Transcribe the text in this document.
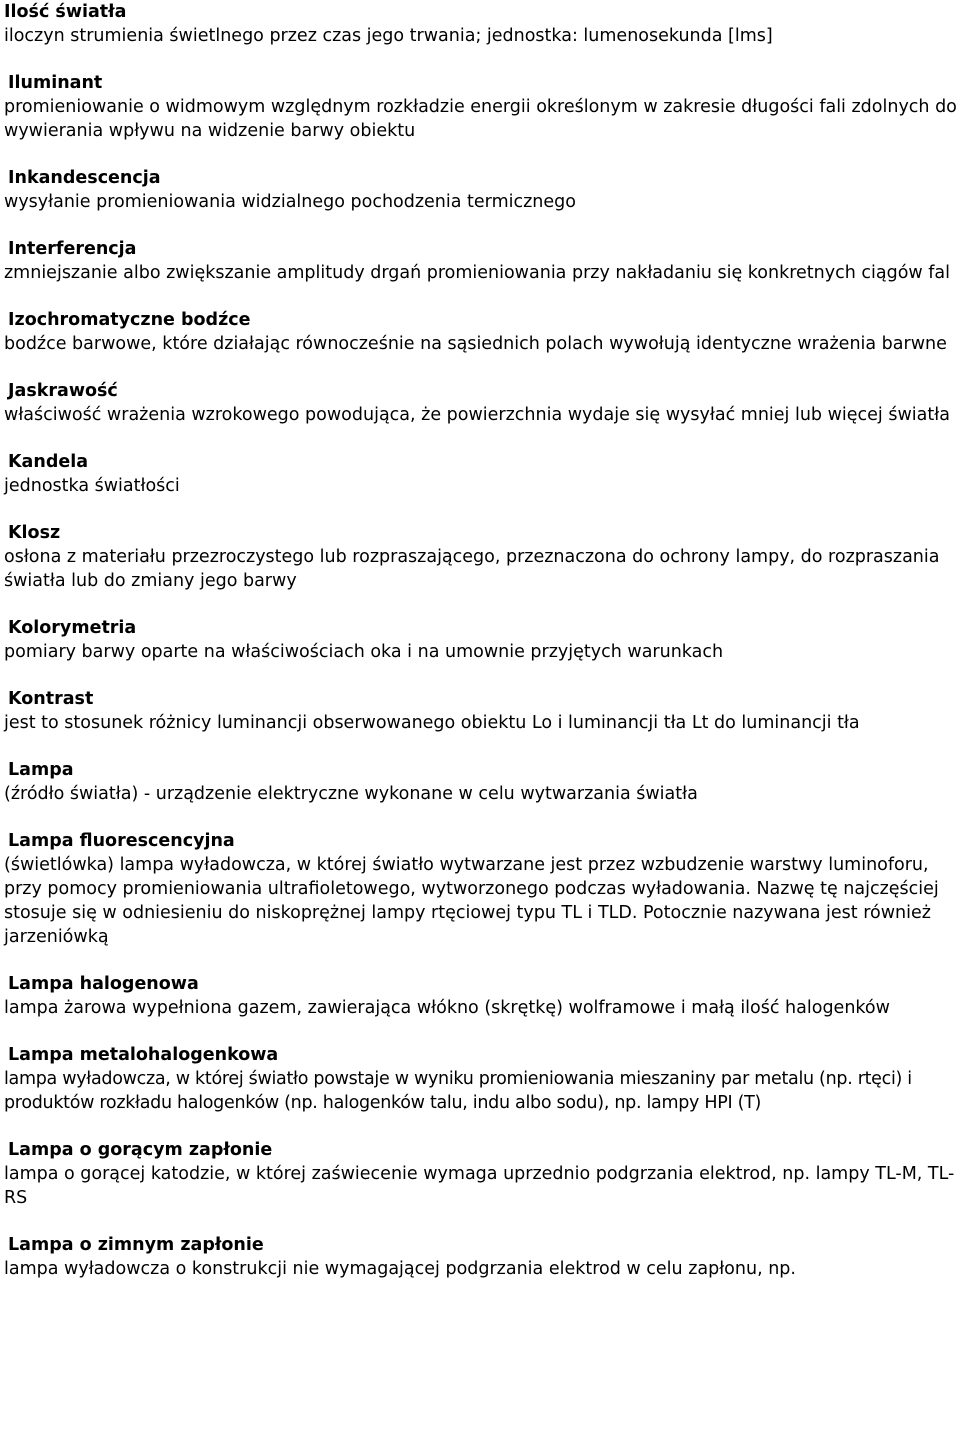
Ilość światła

iloczyn strumienia świetlnego przez czas jego trwania; jednostka: lumenosekunda [lms]

Iluminant

promieniowanie o widmowym względnym rozkładzie energii określonym w zakresie długości fali zdolnych do wywierania wpływu na widzenie barwy obiektu

Inkandescencja

wysyłanie promieniowania widzialnego pochodzenia termicznego

Interferencja

zmniejszanie albo zwiększanie amplitudy drgań promieniowania przy nakładaniu się konkretnych ciągów fal

Izochromatyczne bodźce

bodźce barwowe, które działając równocześnie na sąsiednich polach wywołują identyczne wrażenia barwne

Jaskrawość

właściwość wrażenia wzrokowego powodująca, że powierzchnia wydaje się wysyłać mniej lub więcej światła

Kandela

jednostka światłości

Klosz

osłona z materiału przezroczystego lub rozpraszającego, przeznaczona do ochrony lampy, do rozpraszania światła lub do zmiany jego barwy

Kolorymetria

pomiary barwy oparte na właściwościach oka i na umownie przyjętych warunkach

Kontrast

jest to stosunek różnicy luminancji obserwowanego obiektu Lo i luminancji tła Lt do luminancji tła

Lampa

(źródło światła) - urządzenie elektryczne wykonane w celu wytwarzania światła

Lampa fluorescencyjna

(świetlówka) lampa wyładowcza, w której światło wytwarzane jest przez wzbudzenie warstwy luminoforu, przy pomocy promieniowania ultrafioletowego, wytworzonego podczas wyładowania. Nazwę tę najczęściej stosuje się w odniesieniu do niskoprężnej lampy rtęciowej typu TL i TLD. Potocznie nazywana jest również jarzeniówką

Lampa halogenowa

lampa żarowa wypełniona gazem, zawierająca włókno (skrętkę) wolframowe i małą ilość halogenków

Lampa metalohalogenkowa

lampa wyładowcza, w której światło powstaje w wyniku promieniowania mieszaniny par metalu (np. rtęci) i produktów rozkładu halogenków (np. halogenków talu, indu albo sodu), np. lampy HPI (T)

Lampa o gorącym zapłonie

lampa o gorącej katodzie, w której zaświecenie wymaga uprzednio podgrzania elektrod, np. lampy TL-M, TL-RS

Lampa o zimnym zapłonie

lampa wyładowcza o konstrukcji nie wymagającej podgrzania elektrod w celu zapłonu, np.
